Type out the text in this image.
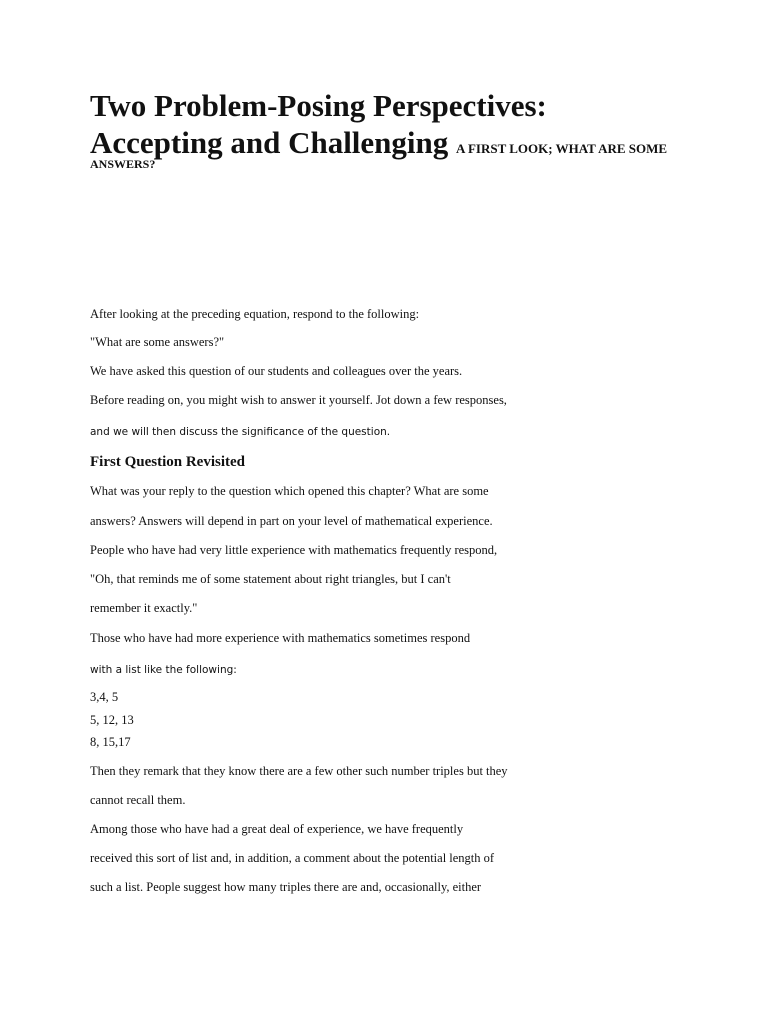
Two Problem-Posing Perspectives:
Accepting and Challenging A FIRST LOOK; WHAT ARE SOME

ANSWERS?

After looking at the preceding equation, respond to the following:

"What are some answers?"

We have asked this question of our students and colleagues over the years.

Before reading on, you might wish to answer it yourself. Jot down a few responses,

and we will then discuss the significance of the question.

First Question Revisited

What was your reply to the question which opened this chapter? What are some

answers? Answers will depend in part on your level of mathematical experience.

People who have had very little experience with mathematics frequently respond,

"Oh, that reminds me of some statement about right triangles, but I can't

remember it exactly."

Those who have had more experience with mathematics sometimes respond

with a list like the following:

3,4, 5

5, 12, 13

8, 15,17

Then they remark that they know there are a few other such number triples but they

cannot recall them.

Among those who have had a great deal of experience, we have frequently

received this sort of list and, in addition, a comment about the potential length of

such a list. People suggest how many triples there are and, occasionally, either
